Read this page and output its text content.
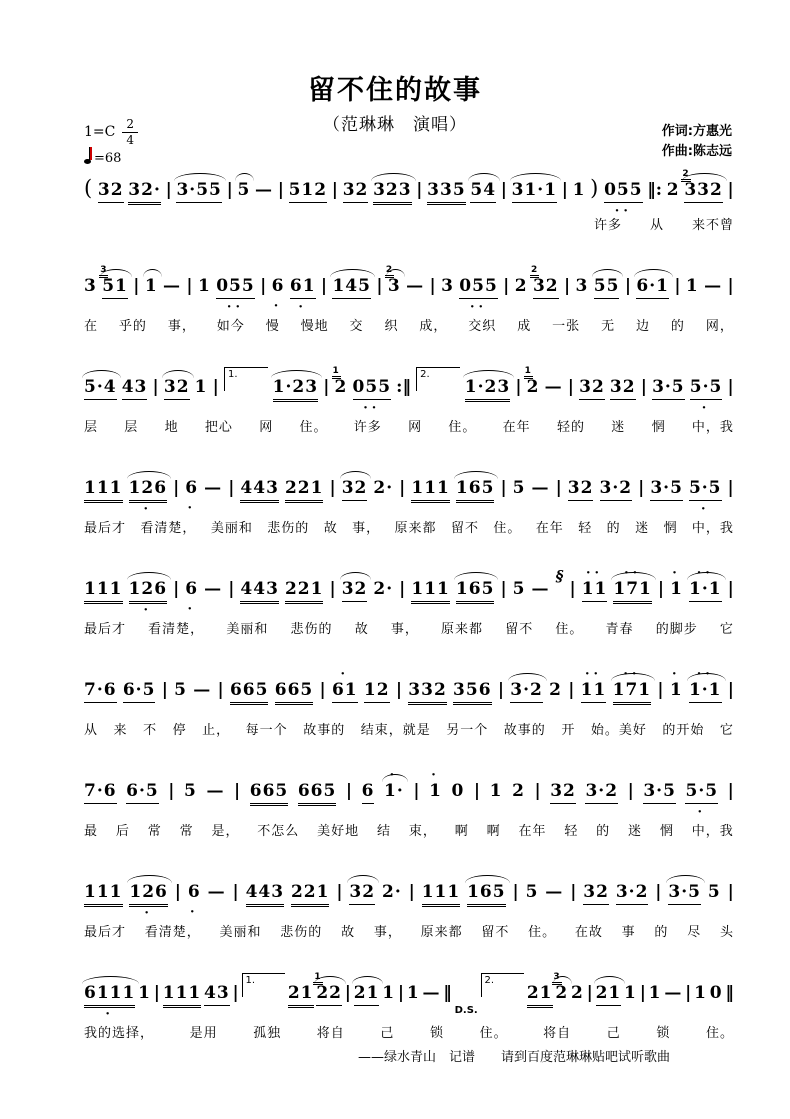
留不住的故事
（范琳琳　演唱）
$1=C \frac{2}{4}$
=68
作词:方惠光
作曲:陈志远
( 32 32· | 3·55 | 5 — | 512 | 32 323 | 335 54 | 31·1 | 1 ) 055
··
‖: 2 332
2
|
许多 从 来不曾
3 51
3
| 1 — | 1 055
··
| 6
·
61
·
| 145 | 3
2
— | 3 055
··
| 2 32
2
| 3 55 | 6·1 | 1 — |
在 乎的 事， 如今 慢 慢地 交 织 成， 交织 成 一张 无 边 的 网，
5·4 43 | 32 1 |
1.
1·23 | 2
1
055
··
:‖
2.
1·23 | 2
1
— | 32 32 | 3·5 5·5
·
|
层 层 地 把心 网 住。 许多 网 住。 在年 轻的 迷 惘 中，我
111 126
·
| 6
·
— | 443 221 | 32 2· | 111 165 | 5 — | 32 3·2 | 3·5 5·5
·
|
最后才 看清楚， 美丽和 悲伤的 故 事， 原来都 留不 住。 在年 轻 的 迷 惘 中，我
111 126
·
| 6
·
— | 443 221 | 32 2· | 111 165 | 5 —
§
| 11
··
171
··
| 1
·
1·1
··
|
最后才 看清楚， 美丽和 悲伤的 故 事， 原来都 留不 住。 青春 的脚步 它
7·6 6·5 | 5 — | 665 665 | 61
·
12 | 332 356 | 3·2 2 | 11
··
171
··
| 1
·
1·1
··
|
从 来 不 停 止， 每一个 故事的 结束，就是 另一个 故事的 开 始。美好 的开始 它
7·6 6·5 | 5 — | 665 665 | 6 1·
·
| 1
·
0 | 1 2 | 32 3·2 | 3·5 5·5
·
|
最 后 常 常 是， 不怎么 美好地 结 束， 啊 啊 在年 轻 的 迷 惘 中，我
111 126
·
| 6
·
— | 443 221 | 32 2· | 111 165 | 5 — | 32 3·2 | 3·5 5 |
最后才 看清楚， 美丽和 悲伤的 故 事， 原来都 留不 住。 在故 事 的 尽 头
6111
·
1 | 111 43 |
1.
21 22
1
| 21 1 | 1 — ‖
D.S.
2.
21 2
3
2 | 21 1 | 1 — | 1 0 ‖
我的选择，	是用	孤独	将自	己	锁	住。	将自	己	锁	住。
——绿水青山　记谱　　请到百度范琳琳贴吧试听歌曲
